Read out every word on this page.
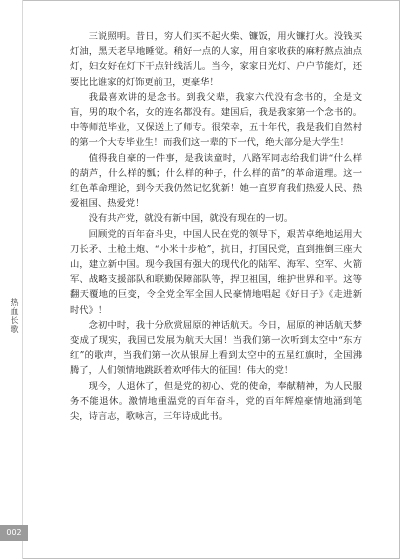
热血长歌
002

三说照明。昔日，穷人们买不起火柴、镰饭，用火镰打火。没钱买灯油，黑天老早地睡觉。稍好一点的人家，用自家收获的麻籽熬点油点灯，妇女好在灯下干点针线活儿。当今，家家日光灯、户户节能灯，还要比比谁家的灯饰更前卫，更豪华！

我最喜欢讲的是念书。到我父辈，我家六代没有念书的，全是文盲，男的取个名，女的连名都没有。建国后，我是我家第一个念书的。中等师范毕业，又保送上了师专。很荣幸，五十年代，我是我们自然村的第一个大专毕业生！而我们这一辈的下一代，绝大部分是大学生！

值得我自豪的一件事，是我读童时，八路军同志给我们讲“什么样的葫芦，什么样的瓢；什么样的种子，什么样的苗”的革命道理。这一红色革命理论，到今天我仍然记忆犹新！她一直罗育我们热爱人民、热爱祖国、热爱党！

没有共产党，就没有新中国，就没有现在的一切。

回顾党的百年奋斗史，中国人民在党的领导下，艰苦卓绝地运用大刀长矛、土枪土炮、“小米十步枪”，抗日，打国民党，直到推倒三座大山，建立新中国。现今我国有强大的现代化的陆军、海军、空军、火箭军、战略支援部队和联勤保障部队等，捍卫祖国，维护世界和平。这等翻天覆地的巨变，令全党全军全国人民豪情地唱起《好日子》《走进新时代》！

念初中时，我十分欣赏屈原的神话航天。今日，屈原的神话航天梦变成了现实，我国已发展为航天大国！当我们第一次听到太空中“东方红”的歌声，当我们第一次从银屏上看到太空中的五星红旗时，全国沸腾了，人们领情地跳跃着欢呼伟大的征国！伟大的党！

现今，人退休了，但是党的初心、党的使命，奉献精神，为人民服务不能退休。激情地重温党的百年奋斗，党的百年辉煌豪情地涌到笔尖，诗言志，歌咏言，三年诗成此书。
